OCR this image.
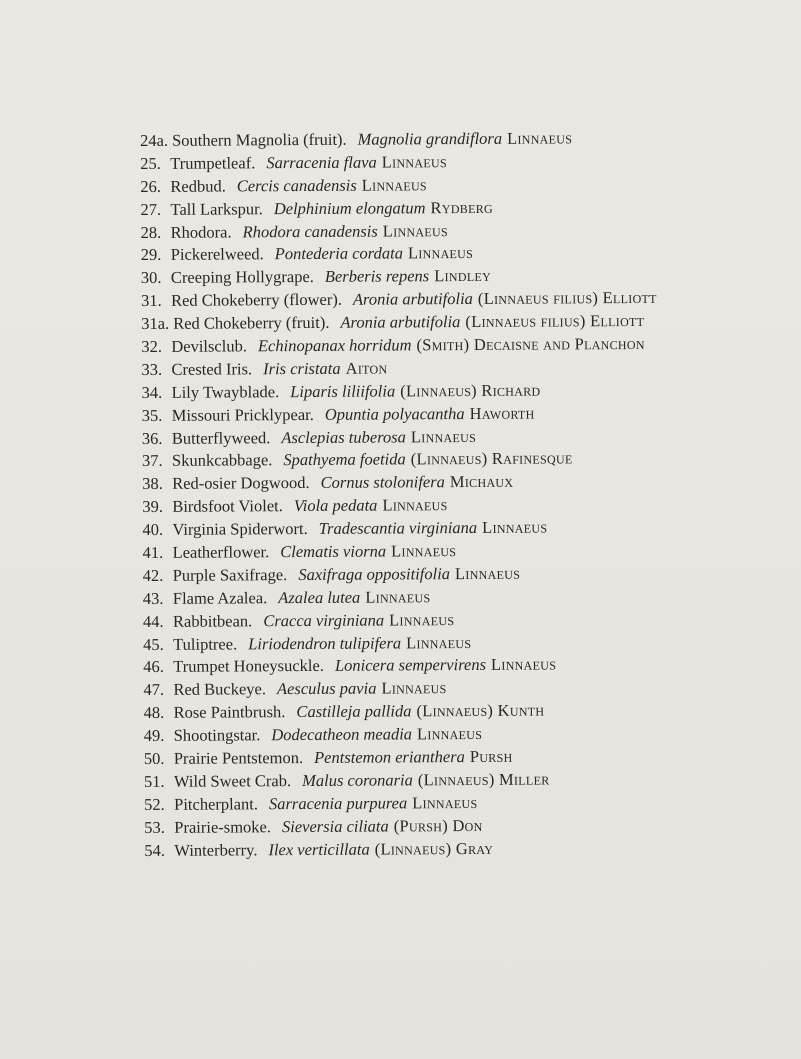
24a. Southern Magnolia (fruit). Magnolia grandiflora Linnaeus
25. Trumpetleaf. Sarracenia flava Linnaeus
26. Redbud. Cercis canadensis Linnaeus
27. Tall Larkspur. Delphinium elongatum Rydberg
28. Rhodora. Rhodora canadensis Linnaeus
29. Pickerelweed. Pontederia cordata Linnaeus
30. Creeping Hollygrape. Berberis repens Lindley
31. Red Chokeberry (flower). Aronia arbutifolia (Linnaeus filius) Elliott
31a. Red Chokeberry (fruit). Aronia arbutifolia (Linnaeus filius) Elliott
32. Devilsclub. Echinopanax horridum (Smith) Decaisne and Planchon
33. Crested Iris. Iris cristata Aiton
34. Lily Twayblade. Liparis liliifolia (Linnaeus) Richard
35. Missouri Pricklypear. Opuntia polyacantha Haworth
36. Butterflyweed. Asclepias tuberosa Linnaeus
37. Skunkcabbage. Spathyema foetida (Linnaeus) Rafinesque
38. Red-osier Dogwood. Cornus stolonifera Michaux
39. Birdsfoot Violet. Viola pedata Linnaeus
40. Virginia Spiderwort. Tradescantia virginiana Linnaeus
41. Leatherflower. Clematis viorna Linnaeus
42. Purple Saxifrage. Saxifraga oppositifolia Linnaeus
43. Flame Azalea. Azalea lutea Linnaeus
44. Rabbitbean. Cracca virginiana Linnaeus
45. Tuliptree. Liriodendron tulipifera Linnaeus
46. Trumpet Honeysuckle. Lonicera sempervirens Linnaeus
47. Red Buckeye. Aesculus pavia Linnaeus
48. Rose Paintbrush. Castilleja pallida (Linnaeus) Kunth
49. Shootingstar. Dodecatheon meadia Linnaeus
50. Prairie Pentstemon. Pentstemon erianthera Pursh
51. Wild Sweet Crab. Malus coronaria (Linnaeus) Miller
52. Pitcherplant. Sarracenia purpurea Linnaeus
53. Prairie-smoke. Sieversia ciliata (Pursh) Don
54. Winterberry. Ilex verticillata (Linnaeus) Gray
